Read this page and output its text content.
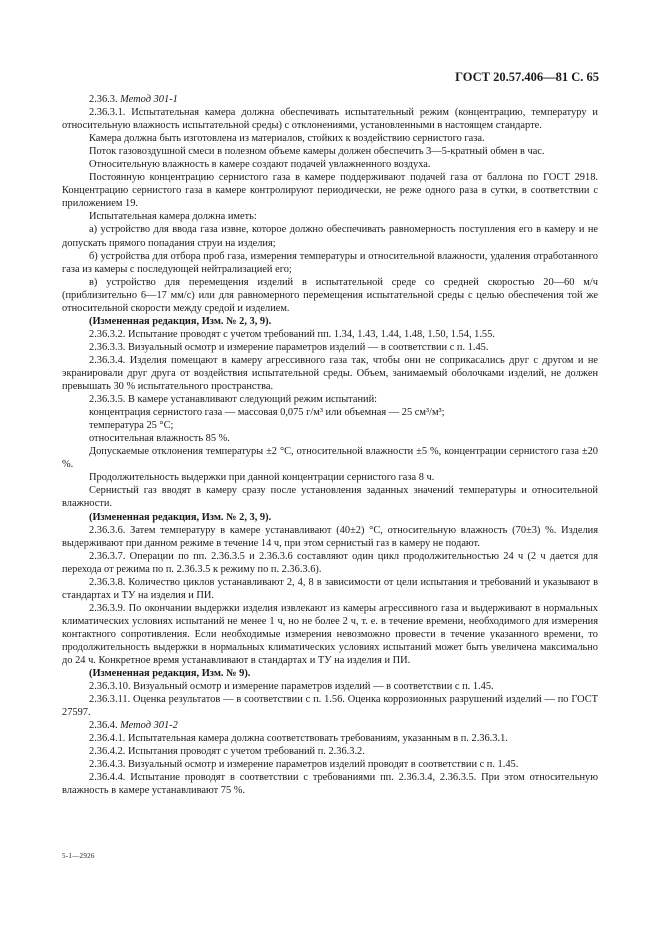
ГОСТ 20.57.406—81 С. 65

2.36.3. Метод 301-1

2.36.3.1. Испытательная камера должна обеспечивать испытательный режим (концентрацию, температуру и относительную влажность испытательной среды) с отклонениями, установленными в настоящем стандарте.

Камера должна быть изготовлена из материалов, стойких к воздействию сернистого газа.

Поток газовоздушной смеси в полезном объеме камеры должен обеспечить 3—5-кратный обмен в час.

Относительную влажность в камере создают подачей увлажненного воздуха.

Постоянную концентрацию сернистого газа в камере поддерживают подачей газа от баллона по ГОСТ 2918. Концентрацию сернистого газа в камере контролируют периодически, не реже одного раза в сутки, в соответствии с приложением 19.

Испытательная камера должна иметь:

а) устройство для ввода газа извне, которое должно обеспечивать равномерность поступления его в камеру и не допускать прямого попадания струи на изделия;

б) устройства для отбора проб газа, измерения температуры и относительной влажности, удаления отработанного газа из камеры с последующей нейтрализацией его;

в) устройство для перемещения изделий в испытательной среде со средней скоростью 20—60 м/ч (приблизительно 6—17 мм/с) или для равномерного перемещения испытательной среды с целью обеспечения той же относительной скорости между средой и изделием.

(Измененная редакция, Изм. № 2, 3, 9).

2.36.3.2. Испытание проводят с учетом требований пп. 1.34, 1.43, 1.44, 1.48, 1.50, 1.54, 1.55.

2.36.3.3. Визуальный осмотр и измерение параметров изделий — в соответствии с п. 1.45.

2.36.3.4. Изделия помещают в камеру агрессивного газа так, чтобы они не соприкасались друг с другом и не экранировали друг друга от воздействия испытательной среды. Объем, занимаемый оболочками изделий, не должен превышать 30 % испытательного пространства.

2.36.3.5. В камере устанавливают следующий режим испытаний:

концентрация сернистого газа — массовая 0,075 г/м³ или объемная — 25 см³/м³;

температура 25 °С;

относительная влажность 85 %.

Допускаемые отклонения температуры ±2 °С, относительной влажности ±5 %, концентрации сернистого газа ±20 %.

Продолжительность выдержки при данной концентрации сернистого газа 8 ч.

Сернистый газ вводят в камеру сразу после установления заданных значений температуры и относительной влажности.

(Измененная редакция, Изм. № 2, 3, 9).

2.36.3.6. Затем температуру в камере устанавливают (40±2) °С, относительную влажность (70±3) %. Изделия выдерживают при данном режиме в течение 14 ч, при этом сернистый газ в камеру не подают.

2.36.3.7. Операции по пп. 2.36.3.5 и 2.36.3.6 составляют один цикл продолжительностью 24 ч (2 ч дается для перехода от режима по п. 2.36.3.5 к режиму по п. 2.36.3.6).

2.36.3.8. Количество циклов устанавливают 2, 4, 8 в зависимости от цели испытания и требований и указывают в стандартах и ТУ на изделия и ПИ.

2.36.3.9. По окончании выдержки изделия извлекают из камеры агрессивного газа и выдерживают в нормальных климатических условиях испытаний не менее 1 ч, но не более 2 ч, т. е. в течение времени, необходимого для измерения контактного сопротивления. Если необходимые измерения невозможно провести в течение указанного времени, то продолжительность выдержки в нормальных климатических условиях испытаний может быть увеличена максимально до 24 ч. Конкретное время устанавливают в стандартах и ТУ на изделия и ПИ.

(Измененная редакция, Изм. № 9).

2.36.3.10. Визуальный осмотр и измерение параметров изделий — в соответствии с п. 1.45.

2.36.3.11. Оценка результатов — в соответствии с п. 1.56. Оценка коррозионных разрушений изделий — по ГОСТ 27597.

2.36.4. Метод 301-2

2.36.4.1. Испытательная камера должна соответствовать требованиям, указанным в п. 2.36.3.1.

2.36.4.2. Испытания проводят с учетом требований п. 2.36.3.2.

2.36.4.3. Визуальный осмотр и измерение параметров изделий проводят в соответствии с п. 1.45.

2.36.4.4. Испытание проводят в соответствии с требованиями пп. 2.36.3.4, 2.36.3.5. При этом относительную влажность в камере устанавливают 75 %.

5-1—2926
